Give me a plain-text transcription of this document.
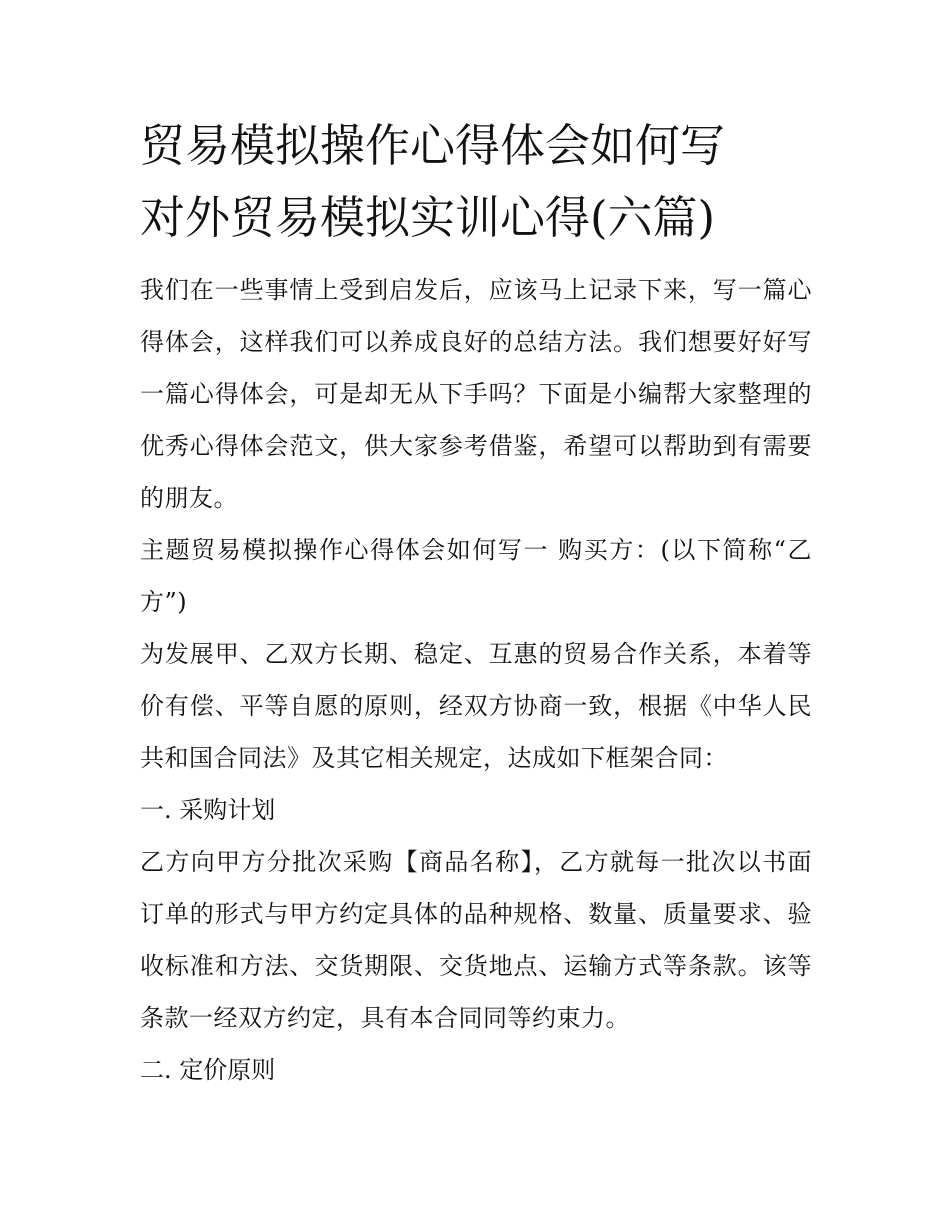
贸易模拟操作心得体会如何写
对外贸易模拟实训心得(六篇)

我们在一些事情上受到启发后，应该马上记录下来，写一篇心得体会，这样我们可以养成良好的总结方法。我们想要好好写一篇心得体会，可是却无从下手吗？下面是小编帮大家整理的优秀心得体会范文，供大家参考借鉴，希望可以帮助到有需要的朋友。

主题贸易模拟操作心得体会如何写一 购买方：(以下简称“乙方”)

为发展甲、乙双方长期、稳定、互惠的贸易合作关系，本着等价有偿、平等自愿的原则，经双方协商一致，根据《中华人民共和国合同法》及其它相关规定，达成如下框架合同：

一. 采购计划

乙方向甲方分批次采购【商品名称】，乙方就每一批次以书面订单的形式与甲方约定具体的品种规格、数量、质量要求、验收标准和方法、交货期限、交货地点、运输方式等条款。该等条款一经双方约定，具有本合同同等约束力。

二. 定价原则
